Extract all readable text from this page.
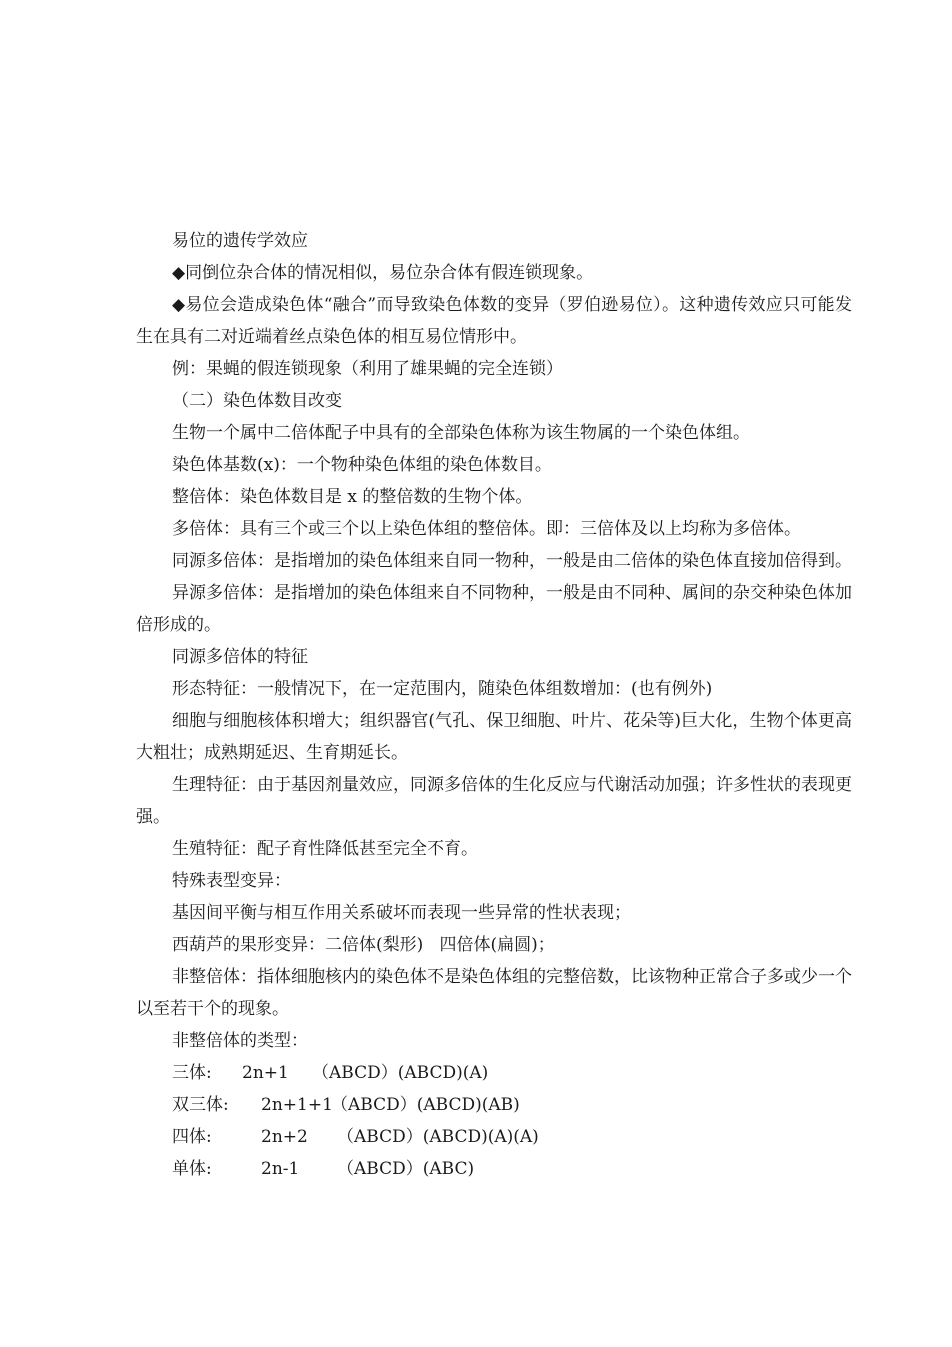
易位的遗传学效应

◆同倒位杂合体的情况相似，易位杂合体有假连锁现象。

◆易位会造成染色体“融合”而导致染色体数的变异（罗伯逊易位）。这种遗传效应只可能发生在具有二对近端着丝点染色体的相互易位情形中。

例：果蝇的假连锁现象（利用了雄果蝇的完全连锁）

（二）染色体数目改变

生物一个属中二倍体配子中具有的全部染色体称为该生物属的一个染色体组。

染色体基数(x)：一个物种染色体组的染色体数目。

整倍体：染色体数目是 x 的整倍数的生物个体。

多倍体：具有三个或三个以上染色体组的整倍体。即：三倍体及以上均称为多倍体。

同源多倍体：是指增加的染色体组来自同一物种，一般是由二倍体的染色体直接加倍得到。

异源多倍体：是指增加的染色体组来自不同物种，一般是由不同种、属间的杂交种染色体加倍形成的。

同源多倍体的特征

形态特征：一般情况下，在一定范围内，随染色体组数增加：(也有例外)

细胞与细胞核体积增大；组织器官(气孔、保卫细胞、叶片、花朵等)巨大化，生物个体更高大粗壮；成熟期延迟、生育期延长。

生理特征：由于基因剂量效应，同源多倍体的生化反应与代谢活动加强；许多性状的表现更强。

生殖特征：配子育性降低甚至完全不育。

特殊表型变异：

基因间平衡与相互作用关系破坏而表现一些异常的性状表现；

西葫芦的果形变异：二倍体(梨形)   四倍体(扁圆)；

非整倍体：指体细胞核内的染色体不是染色体组的完整倍数，比该物种正常合子多或少一个以至若干个的现象。

非整倍体的类型：

三体: 2n+1 （ABCD）(ABCD)(A)
双三体: 2n+1+1（ABCD）(ABCD)(AB)
四体:	2n+2 （ABCD）(ABCD)(A)(A)
单体:	2n-1 （ABCD）(ABC)
